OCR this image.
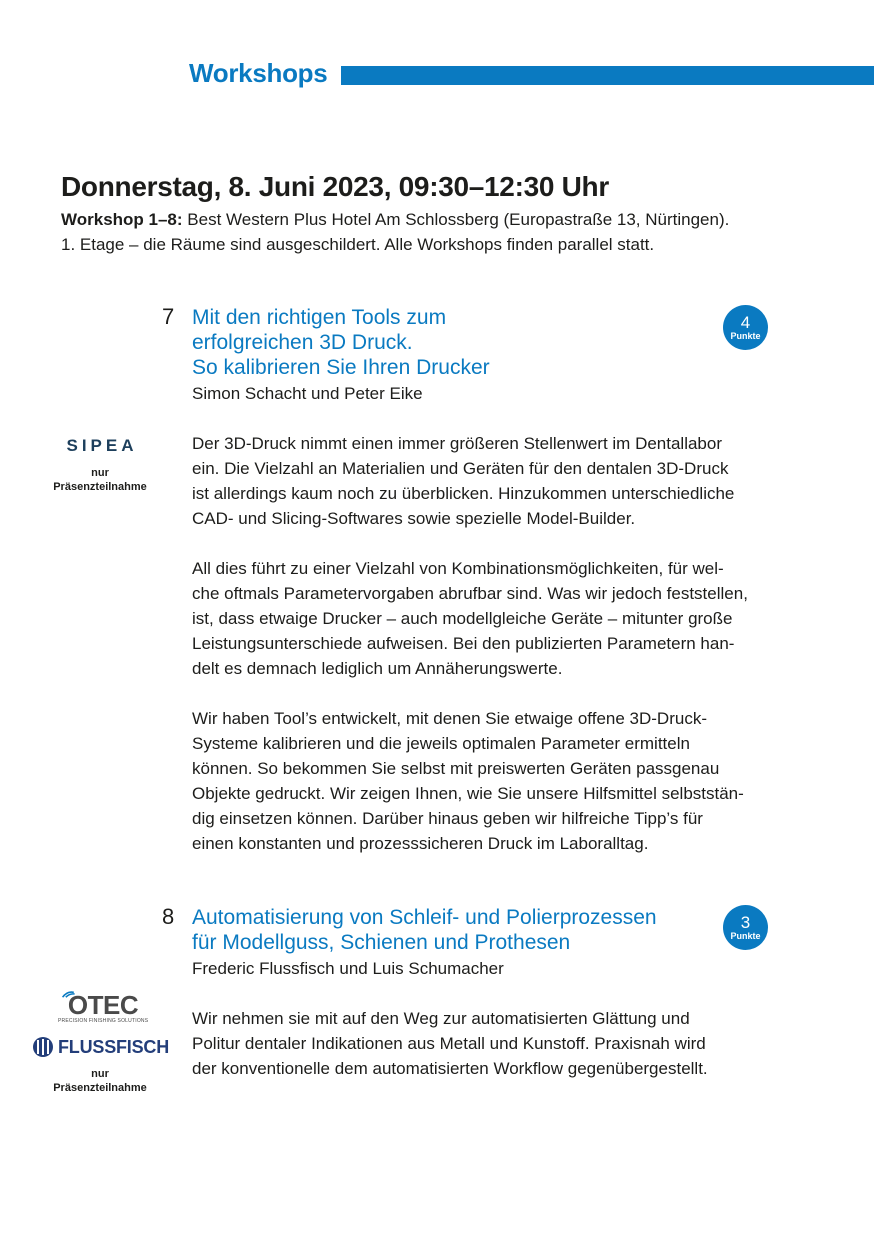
Workshops
Donnerstag, 8. Juni 2023, 09:30–12:30 Uhr
Workshop 1–8: Best Western Plus Hotel Am Schlossberg (Europastraße 13, Nürtingen).
1. Etage – die Räume sind ausgeschildert. Alle Workshops finden parallel statt.
7 Mit den richtigen Tools zum
erfolgreichen 3D Druck.
So kalibrieren Sie Ihren Drucker
Simon Schacht und Peter Eike
4
Punkte
SIPEA
nur
Präsenzteilnahme

Der 3D-Druck nimmt einen immer größeren Stellenwert im Dentallabor
ein. Die Vielzahl an Materialien und Geräten für den dentalen 3D-Druck
ist allerdings kaum noch zu überblicken. Hinzukommen unterschiedliche
CAD- und Slicing-Softwares sowie spezielle Model-Builder.

All dies führt zu einer Vielzahl von Kombinationsmöglichkeiten, für wel-
che oftmals Parametervorgaben abrufbar sind. Was wir jedoch feststellen,
ist, dass etwaige Drucker – auch modellgleiche Geräte – mitunter große
Leistungsunterschiede aufweisen. Bei den publizierten Parametern han-
delt es demnach lediglich um Annäherungswerte.

Wir haben Tool’s entwickelt, mit denen Sie etwaige offene 3D-Druck-
Systeme kalibrieren und die jeweils optimalen Parameter ermitteln
können. So bekommen Sie selbst mit preiswerten Geräten passgenau
Objekte gedruckt. Wir zeigen Ihnen, wie Sie unsere Hilfsmittel selbststän-
dig einsetzen können. Darüber hinaus geben wir hilfreiche Tipp’s für
einen konstanten und prozesssicheren Druck im Laboralltag.

8 Automatisierung von Schleif- und Polierprozessen
für Modellguss, Schienen und Prothesen
Frederic Flussfisch und Luis Schumacher
3
Punkte
OTEC
PRECISION FINISHING SOLUTIONS
FLUSSFISCH
nur
Präsenzteilnahme

Wir nehmen sie mit auf den Weg zur automatisierten Glättung und
Politur dentaler Indikationen aus Metall und Kunstoff. Praxisnah wird
der konventionelle dem automatisierten Workflow gegenübergestellt.
